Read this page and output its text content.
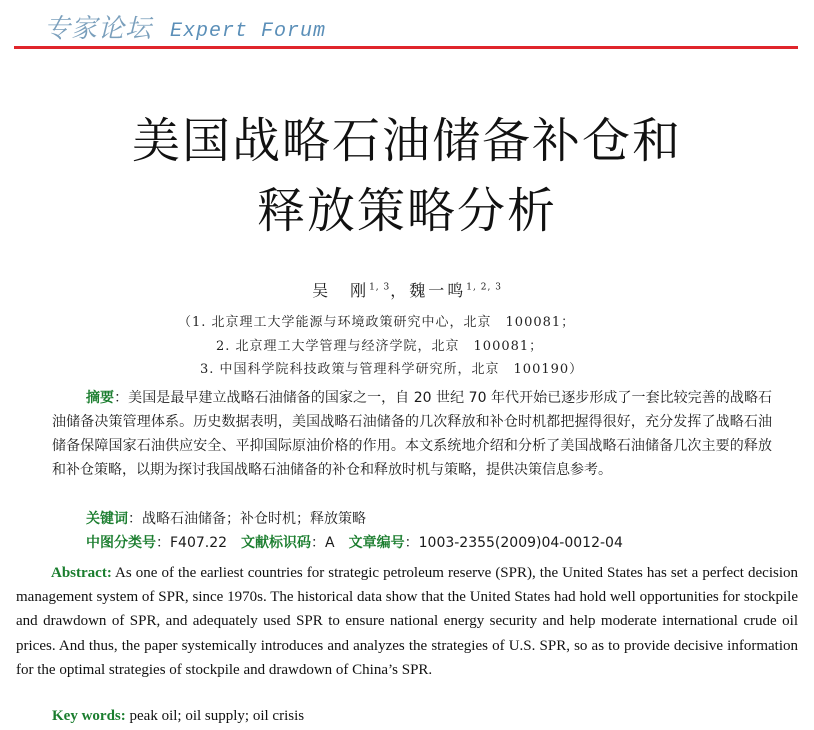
专家论坛 Expert Forum
美国战略石油储备补仓和
释放策略分析
吴　刚$^{1, 3}$，魏一鸣$^{1, 2, 3}$
（1. 北京理工大学能源与环境政策研究中心，北京　100081；
2. 北京理工大学管理与经济学院，北京　100081；
3. 中国科学院科技政策与管理科学研究所，北京　100190）
摘要：美国是最早建立战略石油储备的国家之一，自 20 世纪 70 年代开始已逐步形成了一套比较完善的战略石油储备决策管理体系。历史数据表明，美国战略石油储备的几次释放和补仓时机都把握得很好，充分发挥了战略石油储备保障国家石油供应安全、平抑国际原油价格的作用。本文系统地介绍和分析了美国战略石油储备几次主要的释放和补仓策略，以期为探讨我国战略石油储备的补仓和释放时机与策略，提供决策信息参考。
关键词：战略石油储备；补仓时机；释放策略
中图分类号：F407.22　文献标识码：A　文章编号：1003-2355(2009)04-0012-04
Abstract: As one of the earliest countries for strategic petroleum reserve (SPR), the United States has set a perfect decision management system of SPR, since 1970s. The historical data show that the United States had hold well opportunities for stockpile and drawdown of SPR, and adequately used SPR to ensure national energy security and help moderate international crude oil prices. And thus, the paper systemically introduces and analyzes the strategies of U.S. SPR, so as to provide decisive information for the optimal strategies of stockpile and drawdown of China’s SPR.
Key words: peak oil; oil supply; oil crisis
